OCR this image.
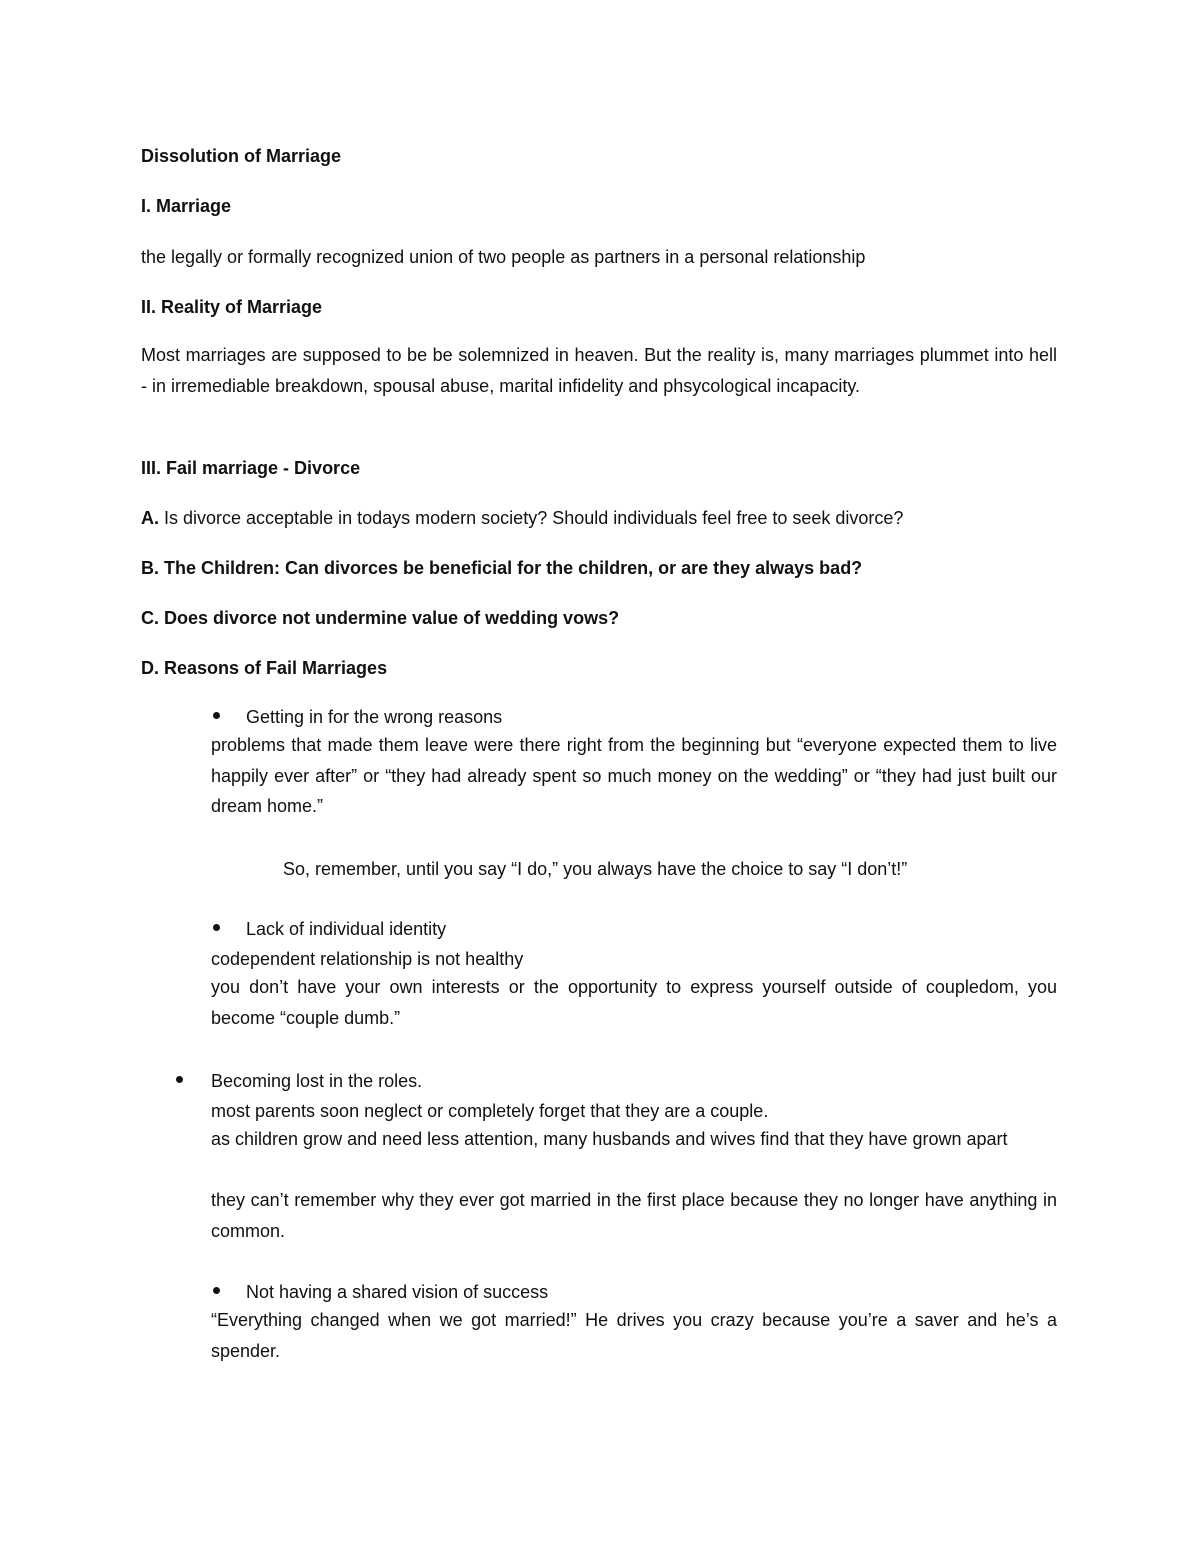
Dissolution of Marriage
I. Marriage
the legally or formally recognized union of two people as partners in a personal relationship
II. Reality of Marriage
Most marriages are supposed to be be solemnized in heaven. But the reality is, many marriages plummet into hell - in irremediable breakdown, spousal abuse, marital infidelity and phsycological incapacity.
III. Fail marriage - Divorce
A. Is divorce acceptable in todays modern society? Should individuals feel free to seek divorce?
B. The Children: Can divorces be beneficial for the children, or are they always bad?
C. Does divorce not undermine value of wedding vows?
D. Reasons of Fail Marriages
Getting in for the wrong reasons
problems that made them leave were there right from the beginning but “everyone expected them to live happily ever after” or “they had already spent so much money on the wedding” or “they had just built our dream home.”
So, remember, until you say “I do,” you always have the choice to say “I don’t!”
Lack of individual identity
codependent relationship is not healthy
you don’t have your own interests or the opportunity to express yourself outside of coupledom, you become “couple dumb.”
Becoming lost in the roles.
most parents soon neglect or completely forget that they are a couple.
as children grow and need less attention, many husbands and wives find that they have grown apart
they can’t remember why they ever got married in the first place because they no longer have anything in common.
Not having a shared vision of success
“Everything changed when we got married!” He drives you crazy because you’re a saver and he’s a spender.
